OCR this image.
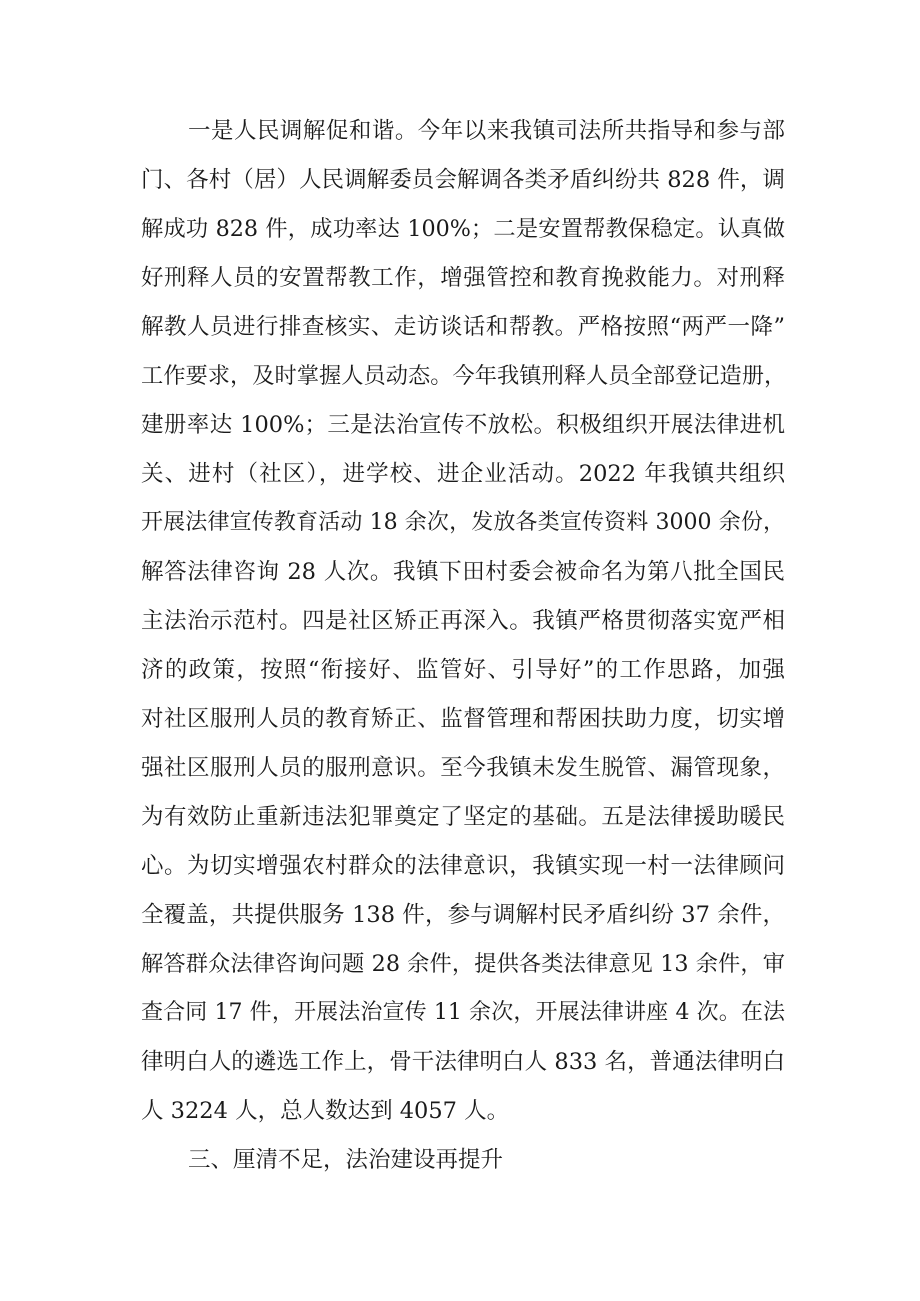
一是人民调解促和谐。今年以来我镇司法所共指导和参与部
门、各村（居）人民调解委员会解调各类矛盾纠纷共 828 件，调
解成功 828 件，成功率达 100%；二是安置帮教保稳定。认真做
好刑释人员的安置帮教工作，增强管控和教育挽救能力。对刑释
解教人员进行排查核实、走访谈话和帮教。严格按照“两严一降”
工作要求，及时掌握人员动态。今年我镇刑释人员全部登记造册，
建册率达 100%；三是法治宣传不放松。积极组织开展法律进机
关、进村（社区），进学校、进企业活动。2022 年我镇共组织
开展法律宣传教育活动 18 余次，发放各类宣传资料 3000 余份，
解答法律咨询 28 人次。我镇下田村委会被命名为第八批全国民
主法治示范村。四是社区矫正再深入。我镇严格贯彻落实宽严相
济的政策，按照“衔接好、监管好、引导好”的工作思路，加强
对社区服刑人员的教育矫正、监督管理和帮困扶助力度，切实增
强社区服刑人员的服刑意识。至今我镇未发生脱管、漏管现象，
为有效防止重新违法犯罪奠定了坚定的基础。五是法律援助暖民
心。为切实增强农村群众的法律意识，我镇实现一村一法律顾问
全覆盖，共提供服务 138 件，参与调解村民矛盾纠纷 37 余件，
解答群众法律咨询问题 28 余件，提供各类法律意见 13 余件，审
查合同 17 件，开展法治宣传 11 余次，开展法律讲座 4 次。在法
律明白人的遴选工作上，骨干法律明白人 833 名，普通法律明白
人 3224 人，总人数达到 4057 人。
三、厘清不足，法治建设再提升
